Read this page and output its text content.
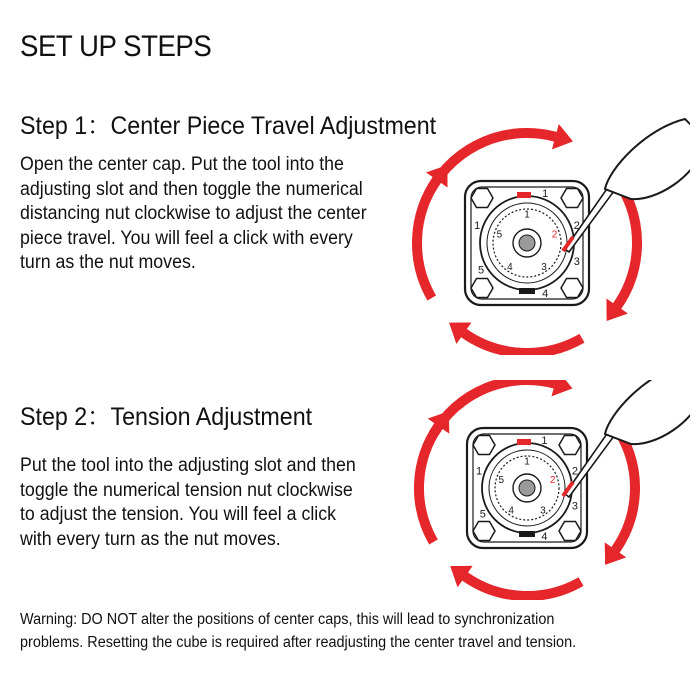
SET UP STEPS
Step 1：Center Piece Travel Adjustment

Open the center cap. Put the tool into the adjusting slot and then toggle the numerical distancing nut clockwise to adjust the center piece travel. You will feel a click with every turn as the nut moves.

1
2
3
4
5
1
1
2
3
4
5
Step 2：Tension Adjustment

Put the tool into the adjusting slot and then toggle the numerical tension nut clockwise to adjust the tension. You will feel a click with every turn as the nut moves.

1
2
3
4
5
1
1
2
3
4
5

Warning: DO NOT alter the positions of center caps, this will lead to synchronization problems. Resetting the cube is required after readjusting the center travel and tension.
